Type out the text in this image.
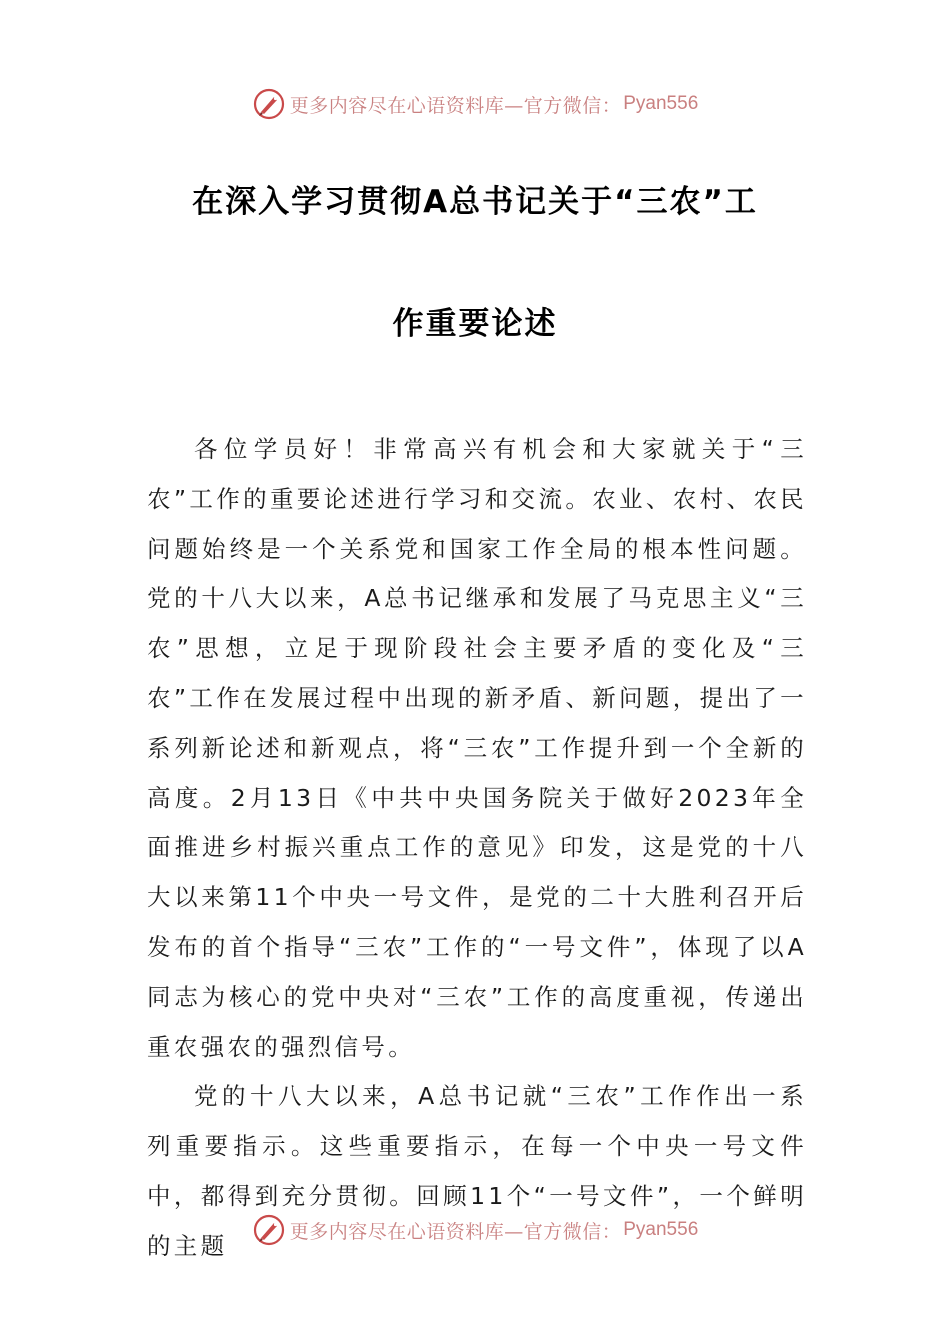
更多内容尽在心语资料库—官方微信： Pyan556
在深入学习贯彻A总书记关于“三农”工
作重要论述

各位学员好！非常高兴有机会和大家就关于“三农”工作的重要论述进行学习和交流。农业、农村、农民问题始终是一个关系党和国家工作全局的根本性问题。党的十八大以来，A总书记继承和发展了马克思主义“三农”思想，立足于现阶段社会主要矛盾的变化及“三农”工作在发展过程中出现的新矛盾、新问题，提出了一系列新论述和新观点，将“三农”工作提升到一个全新的高度。2月13日《中共中央国务院关于做好2023年全面推进乡村振兴重点工作的意见》印发，这是党的十八大以来第11个中央一号文件，是党的二十大胜利召开后发布的首个指导“三农”工作的“一号文件”，体现了以A同志为核心的党中央对“三农”工作的高度重视，传递出重农强农的强烈信号。

党的十八大以来，A总书记就“三农”工作作出一系列重要指示。这些重要指示，在每一个中央一号文件中，都得到充分贯彻。回顾11个“一号文件”，一个鲜明的主题

更多内容尽在心语资料库—官方微信： Pyan556
